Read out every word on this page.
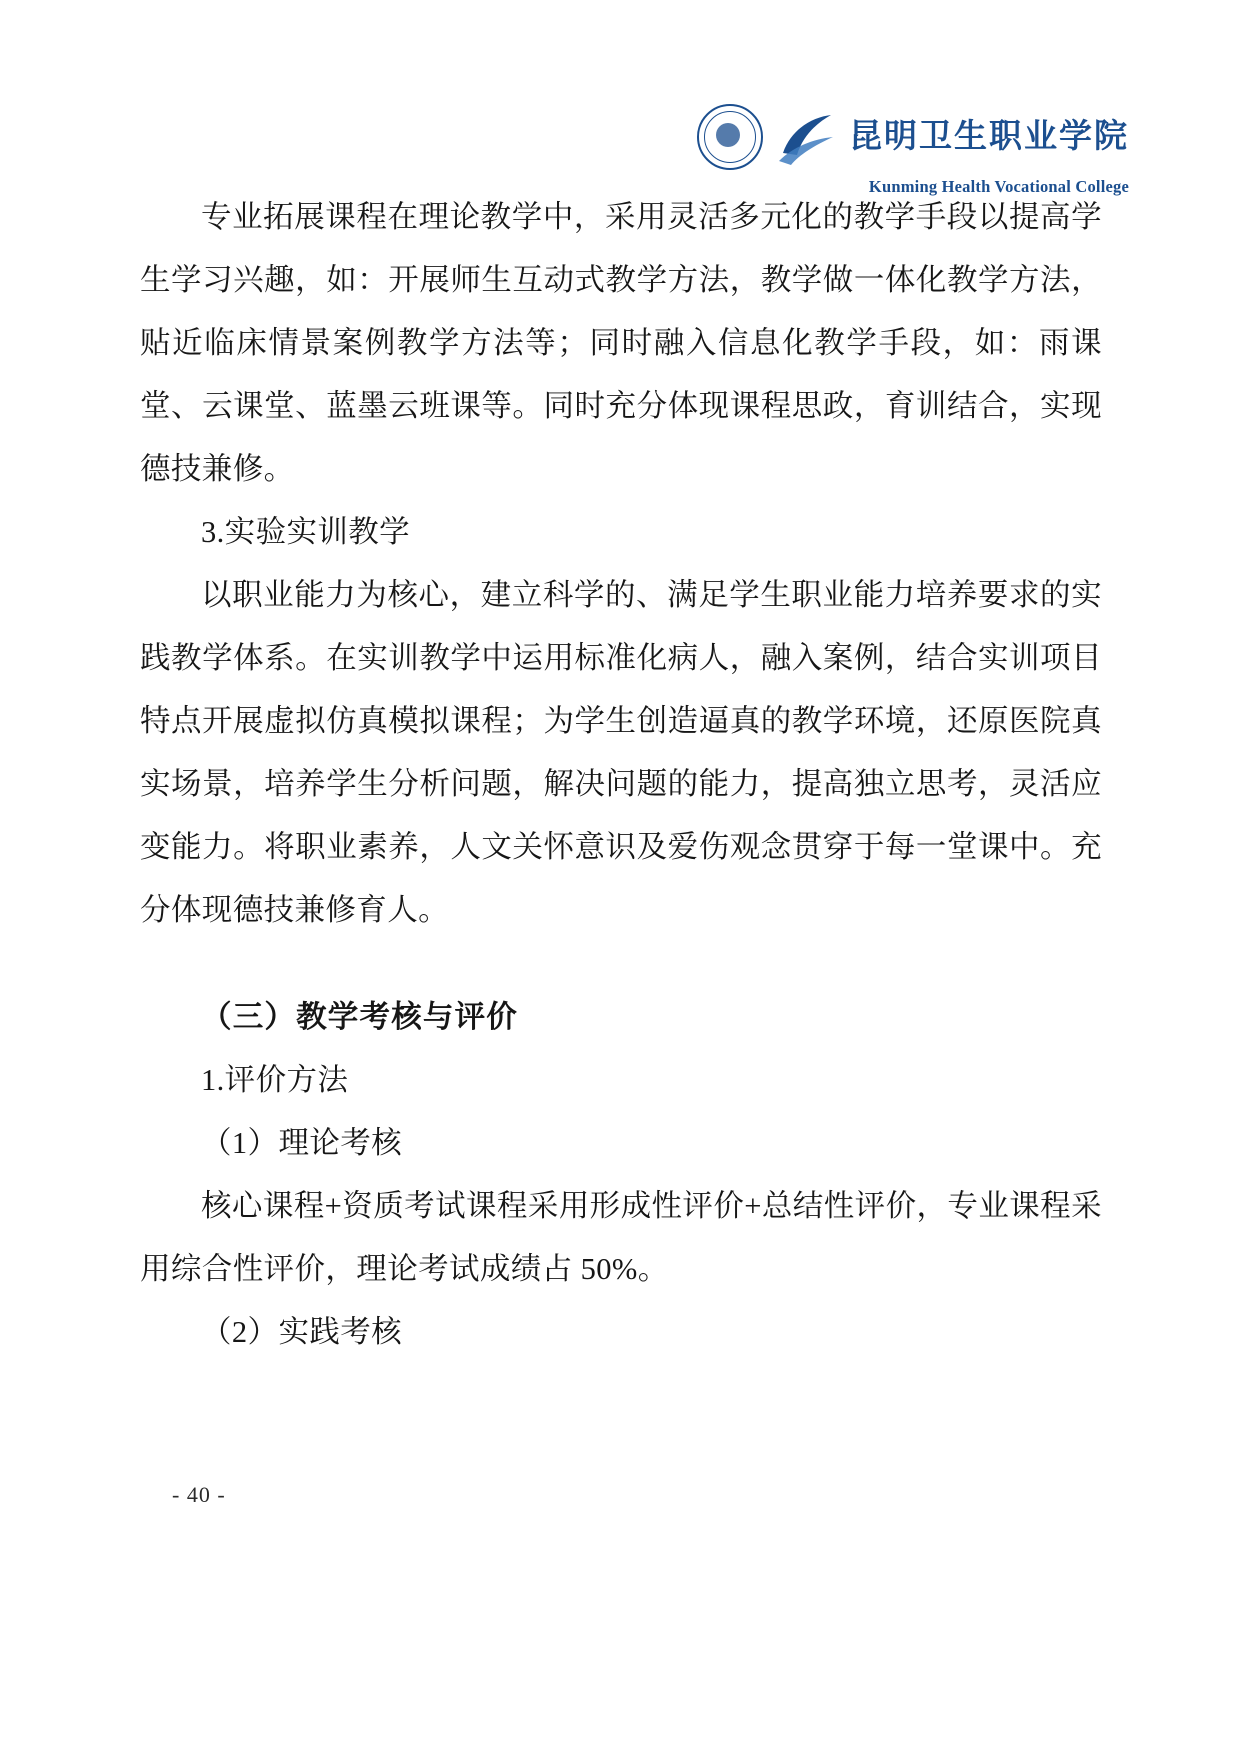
昆明卫生职业学院
Kunming Health Vocational College

专业拓展课程在理论教学中，采用灵活多元化的教学手段以提高学生学习兴趣，如：开展师生互动式教学方法，教学做一体化教学方法，贴近临床情景案例教学方法等；同时融入信息化教学手段，如：雨课堂、云课堂、蓝墨云班课等。同时充分体现课程思政，育训结合，实现德技兼修。

3.实验实训教学

以职业能力为核心，建立科学的、满足学生职业能力培养要求的实践教学体系。在实训教学中运用标准化病人，融入案例，结合实训项目特点开展虚拟仿真模拟课程；为学生创造逼真的教学环境，还原医院真实场景，培养学生分析问题，解决问题的能力，提高独立思考，灵活应变能力。将职业素养，人文关怀意识及爱伤观念贯穿于每一堂课中。充分体现德技兼修育人。

（三）教学考核与评价

1.评价方法

（1）理论考核

核心课程+资质考试课程采用形成性评价+总结性评价，专业课程采用综合性评价，理论考试成绩占 50%。

（2）实践考核

- 40 -
